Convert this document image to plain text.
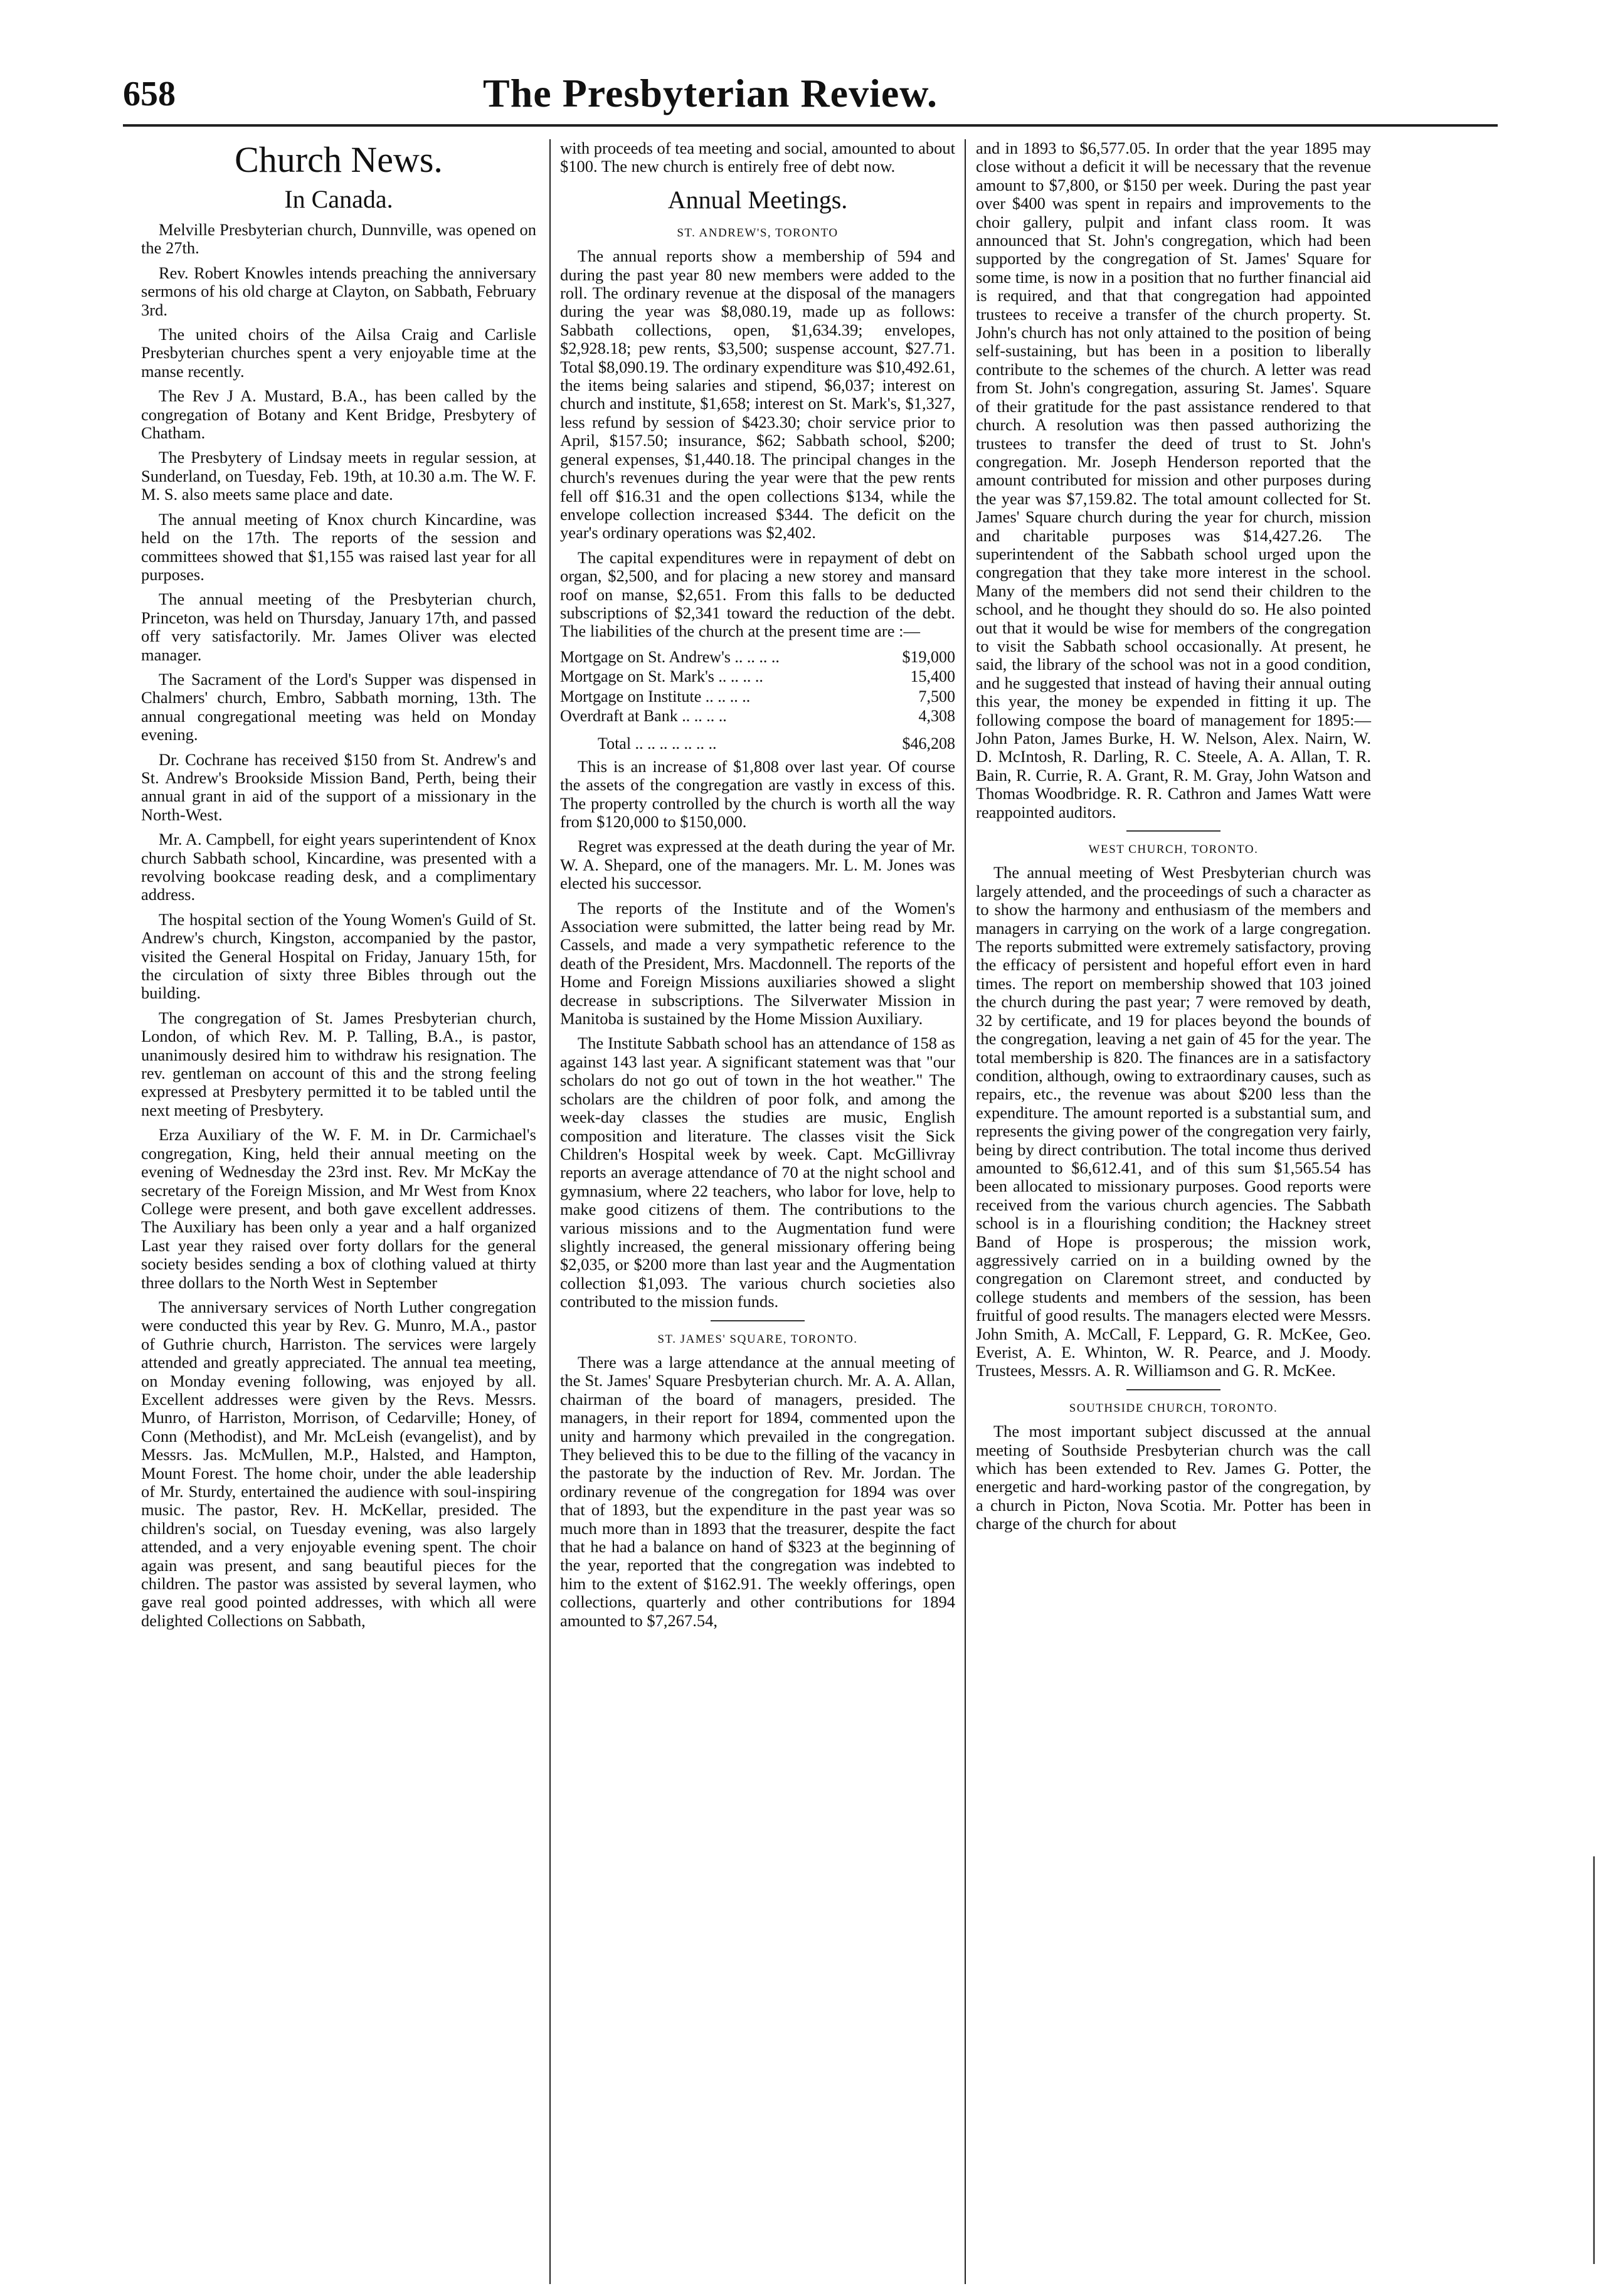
658	The Presbyterian Review.
Church News.
In Canada.

Melville Presbyterian church, Dunnville, was opened on the 27th.

Rev. Robert Knowles intends preaching the anniversary sermons of his old charge at Clayton, on Sabbath, February 3rd.

The united choirs of the Ailsa Craig and Carlisle Presbyterian churches spent a very enjoyable time at the manse recently.

The Rev J A. Mustard, B.A., has been called by the congregation of Botany and Kent Bridge, Presbytery of Chatham.

The Presbytery of Lindsay meets in regular session, at Sunderland, on Tuesday, Feb. 19th, at 10.30 a.m. The W. F. M. S. also meets same place and date.

The annual meeting of Knox church Kincardine, was held on the 17th. The reports of the session and committees showed that $1,155 was raised last year for all purposes.

The annual meeting of the Presbyterian church, Princeton, was held on Thursday, January 17th, and passed off very satisfactorily. Mr. James Oliver was elected manager.

The Sacrament of the Lord's Supper was dispensed in Chalmers' church, Embro, Sabbath morning, 13th. The annual congregational meeting was held on Monday evening.

Dr. Cochrane has received $150 from St. Andrew's and St. Andrew's Brookside Mission Band, Perth, being their annual grant in aid of the support of a missionary in the North-West.

Mr. A. Campbell, for eight years superintendent of Knox church Sabbath school, Kincardine, was presented with a revolving bookcase reading desk, and a complimentary address.

The hospital section of the Young Women's Guild of St. Andrew's church, Kingston, accompanied by the pastor, visited the General Hospital on Friday, January 15th, for the circulation of sixty three Bibles through out the building.

The congregation of St. James Presbyterian church, London, of which Rev. M. P. Talling, B.A., is pastor, unanimously desired him to withdraw his resignation. The rev. gentleman on account of this and the strong feeling expressed at Presbytery permitted it to be tabled until the next meeting of Presbytery.

Erza Auxiliary of the W. F. M. in Dr. Carmichael's congregation, King, held their annual meeting on the evening of Wednesday the 23rd inst. Rev. Mr McKay the secretary of the Foreign Mission, and Mr West from Knox College were present, and both gave excellent addresses. The Auxiliary has been only a year and a half organized Last year they raised over forty dollars for the general society besides sending a box of clothing valued at thirty three dollars to the North West in September

The anniversary services of North Luther congregation were conducted this year by Rev. G. Munro, M.A., pastor of Guthrie church, Harriston. The services were largely attended and greatly appreciated. The annual tea meeting, on Monday evening following, was enjoyed by all. Excellent addresses were given by the Revs. Messrs. Munro, of Harriston, Morrison, of Cedarville; Honey, of Conn (Methodist), and Mr. McLeish (evangelist), and by Messrs. Jas. McMullen, M.P., Halsted, and Hampton, Mount Forest. The home choir, under the able leadership of Mr. Sturdy, entertained the audience with soul-inspiring music. The pastor, Rev. H. McKellar, presided. The children's social, on Tuesday evening, was also largely attended, and a very enjoyable evening spent. The choir again was present, and sang beautiful pieces for the children. The pastor was assisted by several laymen, who gave real good pointed addresses, with which all were delighted Collections on Sabbath,

with proceeds of tea meeting and social, amounted to about $100. The new church is entirely free of debt now.

Annual Meetings.
ST. ANDREW'S, TORONTO

The annual reports show a membership of 594 and during the past year 80 new members were added to the roll. The ordinary revenue at the disposal of the managers during the year was $8,080.19, made up as follows: Sabbath collections, open, $1,634.39; envelopes, $2,928.18; pew rents, $3,500; suspense account, $27.71. Total $8,090.19. The ordinary expenditure was $10,492.61, the items being salaries and stipend, $6,037; interest on church and institute, $1,658; interest on St. Mark's, $1,327, less refund by session of $423.30; choir service prior to April, $157.50; insurance, $62; Sabbath school, $200; general expenses, $1,440.18. The principal changes in the church's revenues during the year were that the pew rents fell off $16.31 and the open collections $134, while the envelope collection increased $344. The deficit on the year's ordinary operations was $2,402.

The capital expenditures were in repayment of debt on organ, $2,500, and for placing a new storey and mansard roof on manse, $2,651. From this falls to be deducted subscriptions of $2,341 toward the reduction of the debt. The liabilities of the church at the present time are :—

Mortgage on St. Andrew's .. .. .. ..	$19,000
Mortgage on St. Mark's .. .. .. ..	15,400
Mortgage on Institute .. .. .. ..	7,500
Overdraft at Bank .. .. .. ..	4,308
Total .. .. .. .. .. .. ..	$46,208

This is an increase of $1,808 over last year. Of course the assets of the congregation are vastly in excess of this. The property controlled by the church is worth all the way from $120,000 to $150,000.

Regret was expressed at the death during the year of Mr. W. A. Shepard, one of the managers. Mr. L. M. Jones was elected his successor.

The reports of the Institute and of the Women's Association were submitted, the latter being read by Mr. Cassels, and made a very sympathetic reference to the death of the President, Mrs. Macdonnell. The reports of the Home and Foreign Missions auxiliaries showed a slight decrease in subscriptions. The Silverwater Mission in Manitoba is sustained by the Home Mission Auxiliary.

The Institute Sabbath school has an attendance of 158 as against 143 last year. A significant statement was that "our scholars do not go out of town in the hot weather." The scholars are the children of poor folk, and among the week-day classes the studies are music, English composition and literature. The classes visit the Sick Children's Hospital week by week. Capt. McGillivray reports an average attendance of 70 at the night school and gymnasium, where 22 teachers, who labor for love, help to make good citizens of them. The contributions to the various missions and to the Augmentation fund were slightly increased, the general missionary offering being $2,035, or $200 more than last year and the Augmentation collection $1,093. The various church societies also contributed to the mission funds.

ST. JAMES' SQUARE, TORONTO.

There was a large attendance at the annual meeting of the St. James' Square Presbyterian church. Mr. A. A. Allan, chairman of the board of managers, presided. The managers, in their report for 1894, commented upon the unity and harmony which prevailed in the congregation. They believed this to be due to the filling of the vacancy in the pastorate by the induction of Rev. Mr. Jordan. The ordinary revenue of the congregation for 1894 was over that of 1893, but the expenditure in the past year was so much more than in 1893 that the treasurer, despite the fact that he had a balance on hand of $323 at the beginning of the year, reported that the congregation was indebted to him to the extent of $162.91. The weekly offerings, open collections, quarterly and other contributions for 1894 amounted to $7,267.54,

and in 1893 to $6,577.05. In order that the year 1895 may close without a deficit it will be necessary that the revenue amount to $7,800, or $150 per week. During the past year over $400 was spent in repairs and improvements to the choir gallery, pulpit and infant class room. It was announced that St. John's congregation, which had been supported by the congregation of St. James' Square for some time, is now in a position that no further financial aid is required, and that that congregation had appointed trustees to receive a transfer of the church property. St. John's church has not only attained to the position of being self-sustaining, but has been in a position to liberally contribute to the schemes of the church. A letter was read from St. John's congregation, assuring St. James'. Square of their gratitude for the past assistance rendered to that church. A resolution was then passed authorizing the trustees to transfer the deed of trust to St. John's congregation. Mr. Joseph Henderson reported that the amount contributed for mission and other purposes during the year was $7,159.82. The total amount collected for St. James' Square church during the year for church, mission and charitable purposes was $14,427.26. The superintendent of the Sabbath school urged upon the congregation that they take more interest in the school. Many of the members did not send their children to the school, and he thought they should do so. He also pointed out that it would be wise for members of the congregation to visit the Sabbath school occasionally. At present, he said, the library of the school was not in a good condition, and he suggested that instead of having their annual outing this year, the money be expended in fitting it up. The following compose the board of management for 1895:—John Paton, James Burke, H. W. Nelson, Alex. Nairn, W. D. McIntosh, R. Darling, R. C. Steele, A. A. Allan, T. R. Bain, R. Currie, R. A. Grant, R. M. Gray, John Watson and Thomas Woodbridge. R. R. Cathron and James Watt were reappointed auditors.

WEST CHURCH, TORONTO.

The annual meeting of West Presbyterian church was largely attended, and the proceedings of such a character as to show the harmony and enthusiasm of the members and managers in carrying on the work of a large congregation. The reports submitted were extremely satisfactory, proving the efficacy of persistent and hopeful effort even in hard times. The report on membership showed that 103 joined the church during the past year; 7 were removed by death, 32 by certificate, and 19 for places beyond the bounds of the congregation, leaving a net gain of 45 for the year. The total membership is 820. The finances are in a satisfactory condition, although, owing to extraordinary causes, such as repairs, etc., the revenue was about $200 less than the expenditure. The amount reported is a substantial sum, and represents the giving power of the congregation very fairly, being by direct contribution. The total income thus derived amounted to $6,612.41, and of this sum $1,565.54 has been allocated to missionary purposes. Good reports were received from the various church agencies. The Sabbath school is in a flourishing condition; the Hackney street Band of Hope is prosperous; the mission work, aggressively carried on in a building owned by the congregation on Claremont street, and conducted by college students and members of the session, has been fruitful of good results. The managers elected were Messrs. John Smith, A. McCall, F. Leppard, G. R. McKee, Geo. Everist, A. E. Whinton, W. R. Pearce, and J. Moody. Trustees, Messrs. A. R. Williamson and G. R. McKee.

SOUTHSIDE CHURCH, TORONTO.

The most important subject discussed at the annual meeting of Southside Presbyterian church was the call which has been extended to Rev. James G. Potter, the energetic and hard-working pastor of the congregation, by a church in Picton, Nova Scotia. Mr. Potter has been in charge of the church for about
